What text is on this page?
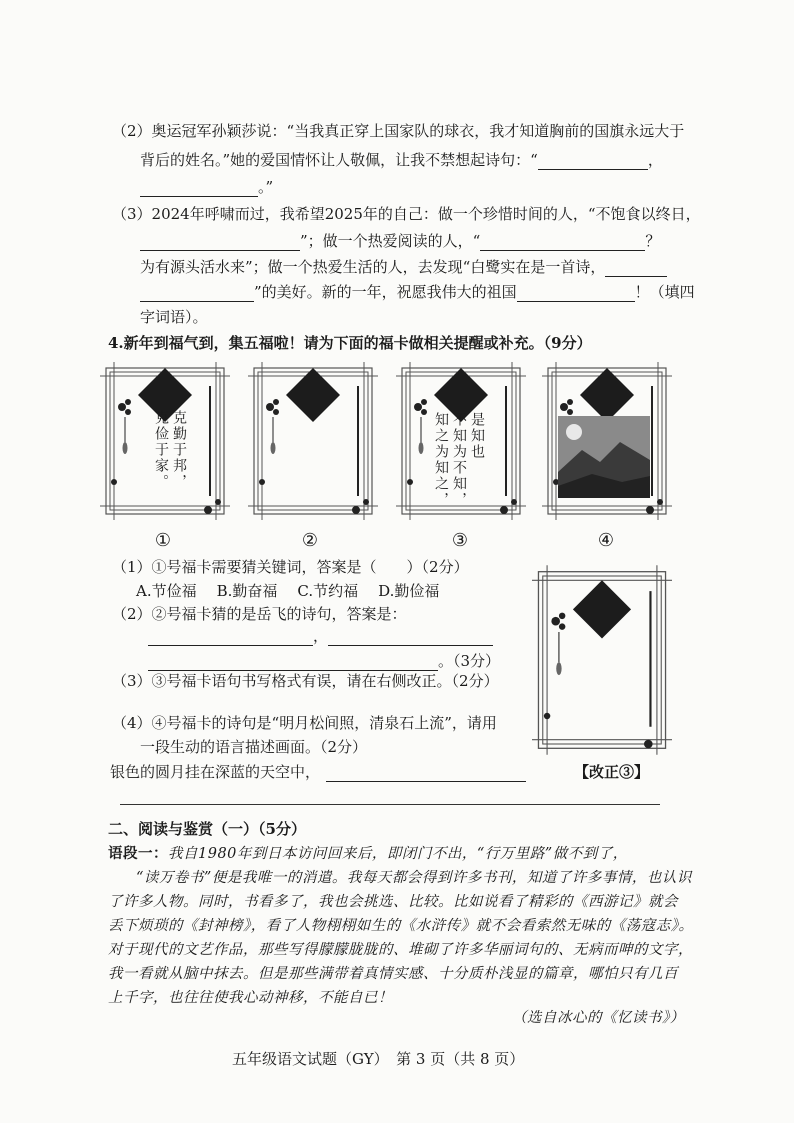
（2）奥运冠军孙颖莎说：“当我真正穿上国家队的球衣，我才知道胸前的国旗永远大于
背后的姓名。”她的爱国情怀让人敬佩，让我不禁想起诗句：“	，
。”
（3）2024年呼啸而过，我希望2025年的自己：做一个珍惜时间的人，“不饱食以终日，
”；做一个热爱阅读的人，“	？
为有源头活水来”；做一个热爱生活的人，去发现“白鹭实在是一首诗，
”的美好。新的一年，祝愿我伟大的祖国	！（填四
字词语）。
4.新年到福气到，集五福啦！请为下面的福卡做相关提醒或补充。（9分）
克勤于邦，
克俭于家。
①	②
是知也
不知为不知，
知之为知之，
③	④
（1）①号福卡需要猜关键词，答案是（　　）（2分）
A.节俭福 B.勤奋福 C.节约福 D.勤俭福
（2）②号福卡猜的是岳飞的诗句，答案是：
，
。（3分）
（3）③号福卡语句书写格式有误，请在右侧改正。（2分）
（4）④号福卡的诗句是“明月松间照，清泉石上流”，请用
一段生动的语言描述画面。（2分）
银色的圆月挂在深蓝的天空中，	【改正③】
二、阅读与鉴赏（一）（5分）
语段一：我自1980年到日本访问回来后，即闭门不出，“行万里路”做不到了，
“读万卷书”便是我唯一的消遣。我每天都会得到许多书刊，知道了许多事情，也认识
了许多人物。同时，书看多了，我也会挑选、比较。比如说看了精彩的《西游记》就会
丢下烦琐的《封神榜》，看了人物栩栩如生的《水浒传》就不会看索然无味的《荡寇志》。
对于现代的文艺作品，那些写得朦朦胧胧的、堆砌了许多华丽词句的、无病而呻的文字，
我一看就从脑中抹去。但是那些满带着真情实感、十分质朴浅显的篇章，哪怕只有几百
上千字，也往往使我心动神移，不能自已！
（选自冰心的《忆读书》）
五年级语文试题（GY）　第 3 页（共 8 页）
